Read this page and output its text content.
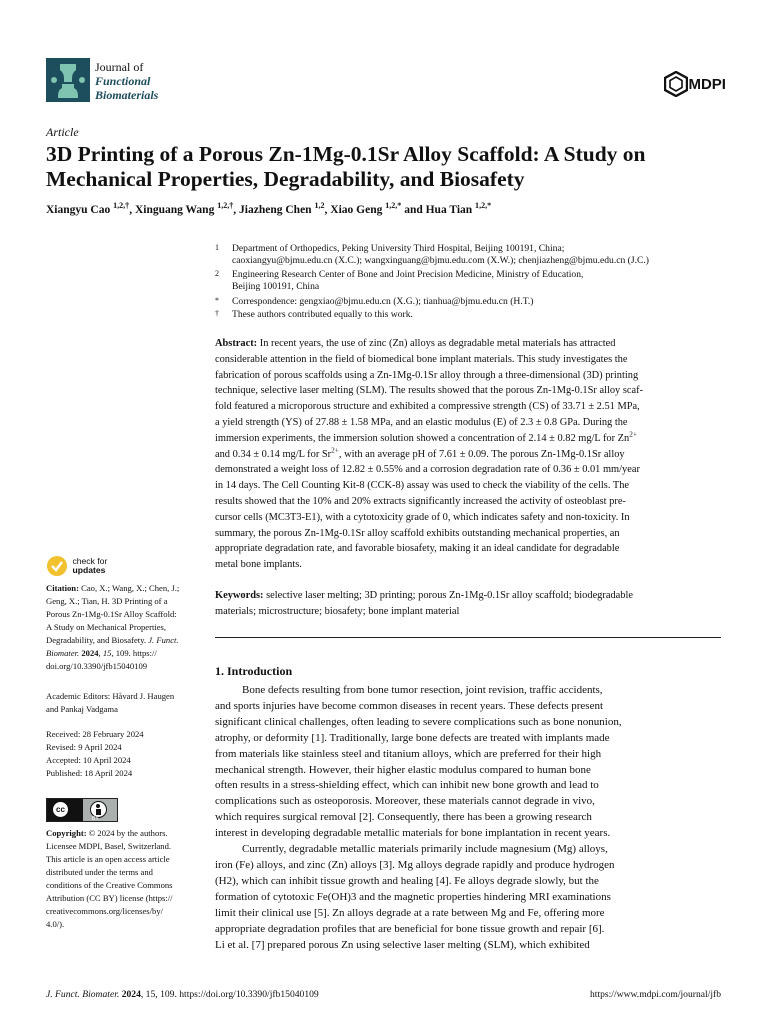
Journal of
Functional
Biomaterials
MDPI
Article
3D Printing of a Porous Zn-1Mg-0.1Sr Alloy Scaffold: A Study on
Mechanical Properties, Degradability, and Biosafety
Xiangyu Cao $^{1,2,\dagger}$, Xinguang Wang $^{1,2,\dagger}$, Jiazheng Chen $^{1,2}$, Xiao Geng $^{1,2,*}$ and Hua Tian $^{1,2,*}$
1 Department of Orthopedics, Peking University Third Hospital, Beijing 100191, China;
caoxiangyu@bjmu.edu.cn (X.C.); wangxinguang@bjmu.edu.com (X.W.); chenjiazheng@bjmu.edu.cn (J.C.)
2 Engineering Research Center of Bone and Joint Precision Medicine, Ministry of Education,
Beijing 100191, China
* Correspondence: gengxiao@bjmu.edu.cn (X.G.); tianhua@bjmu.edu.cn (H.T.)
† These authors contributed equally to this work.
Abstract: In recent years, the use of zinc (Zn) alloys as degradable metal materials has attracted
considerable attention in the field of biomedical bone implant materials. This study investigates the
fabrication of porous scaffolds using a Zn-1Mg-0.1Sr alloy through a three-dimensional (3D) printing
technique, selective laser melting (SLM). The results showed that the porous Zn-1Mg-0.1Sr alloy scaf-
fold featured a microporous structure and exhibited a compressive strength (CS) of 33.71 ± 2.51 MPa,
a yield strength (YS) of 27.88 ± 1.58 MPa, and an elastic modulus (E) of 2.3 ± 0.8 GPa. During the
immersion experiments, the immersion solution showed a concentration of 2.14 ± 0.82 mg/L for $Zn^{2+}$
and 0.34 ± 0.14 mg/L for $Sr^{2+}$, with an average pH of 7.61 ± 0.09. The porous Zn-1Mg-0.1Sr alloy
demonstrated a weight loss of 12.82 ± 0.55% and a corrosion degradation rate of 0.36 ± 0.01 mm/year
in 14 days. The Cell Counting Kit-8 (CCK-8) assay was used to check the viability of the cells. The
results showed that the 10% and 20% extracts significantly increased the activity of osteoblast pre-
cursor cells (MC3T3-E1), with a cytotoxicity grade of 0, which indicates safety and non-toxicity. In
summary, the porous Zn-1Mg-0.1Sr alloy scaffold exhibits outstanding mechanical properties, an
appropriate degradation rate, and favorable biosafety, making it an ideal candidate for degradable
metal bone implants.
Keywords: selective laser melting; 3D printing; porous Zn-1Mg-0.1Sr alloy scaffold; biodegradable
materials; microstructure; biosafety; bone implant material
check for
updates
Citation: Cao, X.; Wang, X.; Chen, J.;
Geng, X.; Tian, H. 3D Printing of a
Porous Zn-1Mg-0.1Sr Alloy Scaffold:
A Study on Mechanical Properties,
Degradability, and Biosafety. J. Funct.
Biomater. 2024, 15, 109. https://
doi.org/10.3390/jfb15040109
Academic Editors: Håvard J. Haugen
and Pankaj Vadgama
Received: 28 February 2024
Revised: 9 April 2024
Accepted: 10 April 2024
Published: 18 April 2024
cc
BY
Copyright: © 2024 by the authors.
Licensee MDPI, Basel, Switzerland.
This article is an open access article
distributed under the terms and
conditions of the Creative Commons
Attribution (CC BY) license (https://
creativecommons.org/licenses/by/
4.0/).
1. Introduction
Bone defects resulting from bone tumor resection, joint revision, traffic accidents,
and sports injuries have become common diseases in recent years. These defects present
significant clinical challenges, often leading to severe complications such as bone nonunion,
atrophy, or deformity [1]. Traditionally, large bone defects are treated with implants made
from materials like stainless steel and titanium alloys, which are preferred for their high
mechanical strength. However, their higher elastic modulus compared to human bone
often results in a stress-shielding effect, which can inhibit new bone growth and lead to
complications such as osteoporosis. Moreover, these materials cannot degrade in vivo,
which requires surgical removal [2]. Consequently, there has been a growing research
interest in developing degradable metallic materials for bone implantation in recent years.
Currently, degradable metallic materials primarily include magnesium (Mg) alloys,
iron (Fe) alloys, and zinc (Zn) alloys [3]. Mg alloys degrade rapidly and produce hydrogen
(H2), which can inhibit tissue growth and healing [4]. Fe alloys degrade slowly, but the
formation of cytotoxic Fe(OH)3 and the magnetic properties hindering MRI examinations
limit their clinical use [5]. Zn alloys degrade at a rate between Mg and Fe, offering more
appropriate degradation profiles that are beneficial for bone tissue growth and repair [6].
Li et al. [7] prepared porous Zn using selective laser melting (SLM), which exhibited
J. Funct. Biomater. 2024, 15, 109. https://doi.org/10.3390/jfb15040109	https://www.mdpi.com/journal/jfb
